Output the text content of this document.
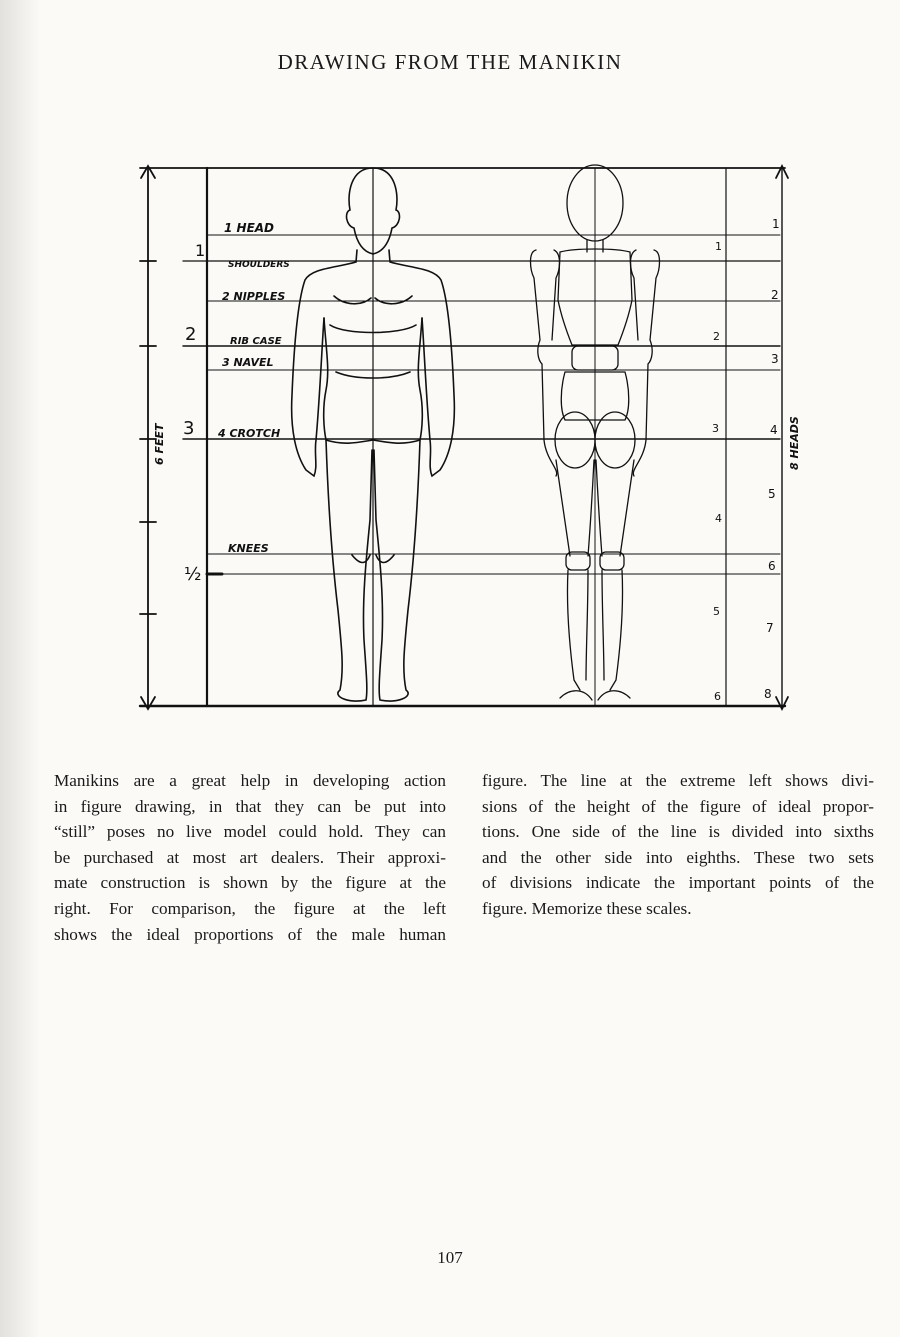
DRAWING FROM THE MANIKIN
1 HEAD
SHOULDERS
2 NIPPLES
RIB CASE
3 NAVEL
4 CROTCH
KNEES
6 FEET
1
2
3
½
8 HEADS
1
2
3
4
5
6
7
8
1
2
3
4
5
6
Manikins are a great help in developing action
in figure drawing, in that they can be put into
“still” poses no live model could hold. They can
be purchased at most art dealers. Their approxi-
mate construction is shown by the figure at the
right. For comparison, the figure at the left
shows the ideal proportions of the male human
figure. The line at the extreme left shows divi-
sions of the height of the figure of ideal propor-
tions. One side of the line is divided into sixths
and the other side into eighths. These two sets
of divisions indicate the important points of the
figure. Memorize these scales.
107
